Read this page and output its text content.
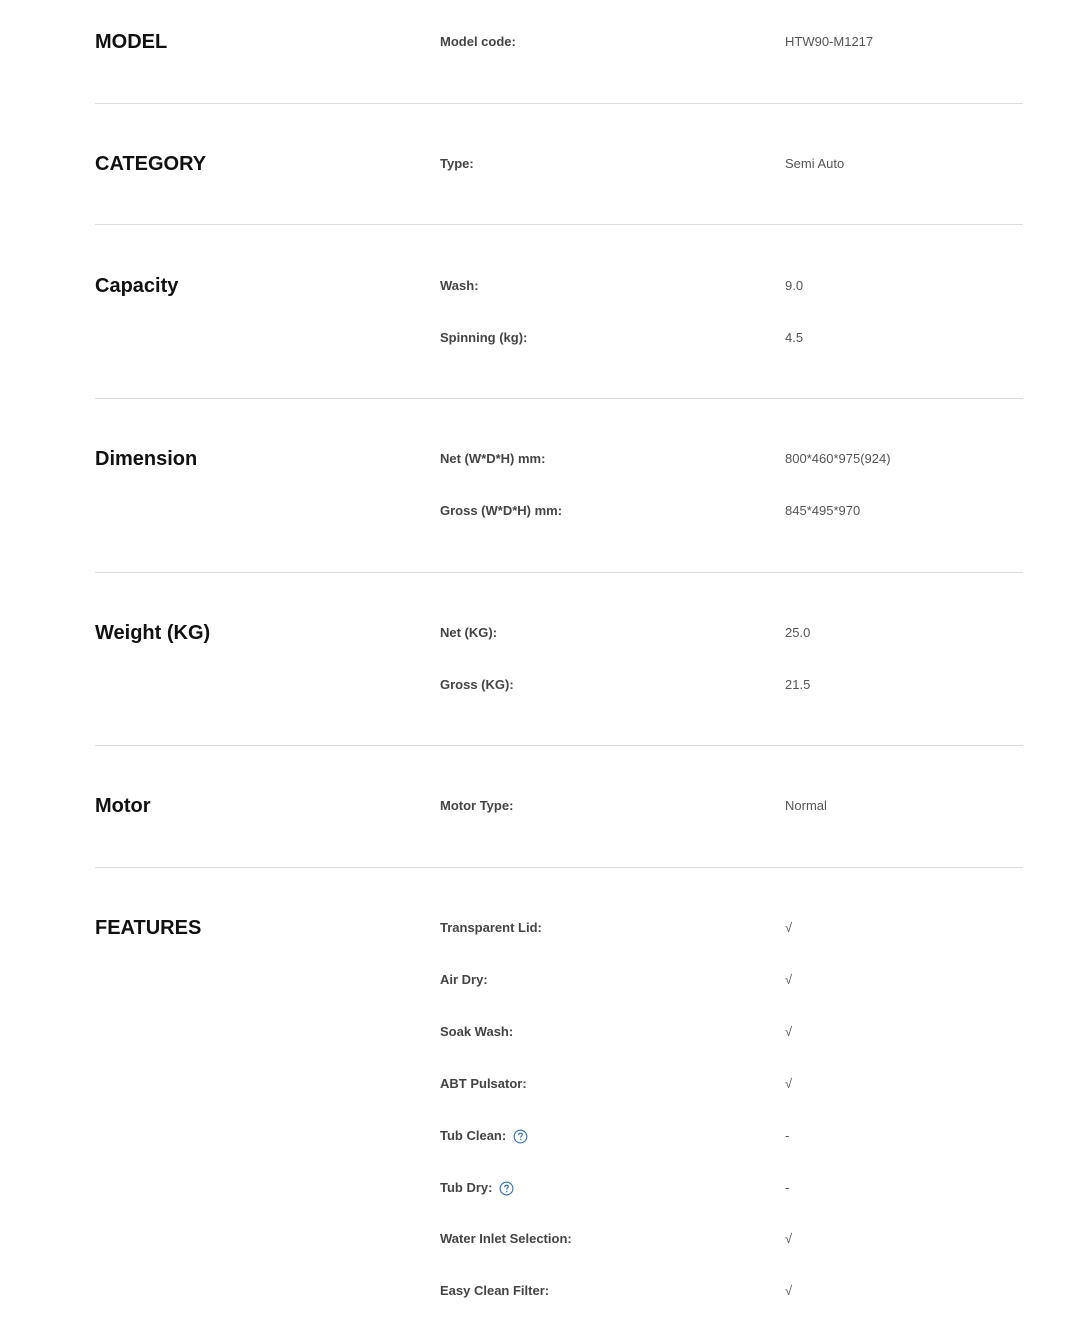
MODEL	Model code:	HTW90-M1217
CATEGORY	Type:	Semi Auto
Capacity	Wash:	9.0
Spinning (kg):	4.5
Dimension	Net (W*D*H) mm:	800*460*975(924)
Gross (W*D*H) mm:	845*495*970
Weight (KG)	Net (KG):	25.0
Gross (KG):	21.5
Motor	Motor Type:	Normal
FEATURES	Transparent Lid:	√
Air Dry:	√
Soak Wash:	√
ABT Pulsator:	√
Tub Clean:	-
Tub Dry:	-
Water Inlet Selection:	√
Easy Clean Filter:	√
